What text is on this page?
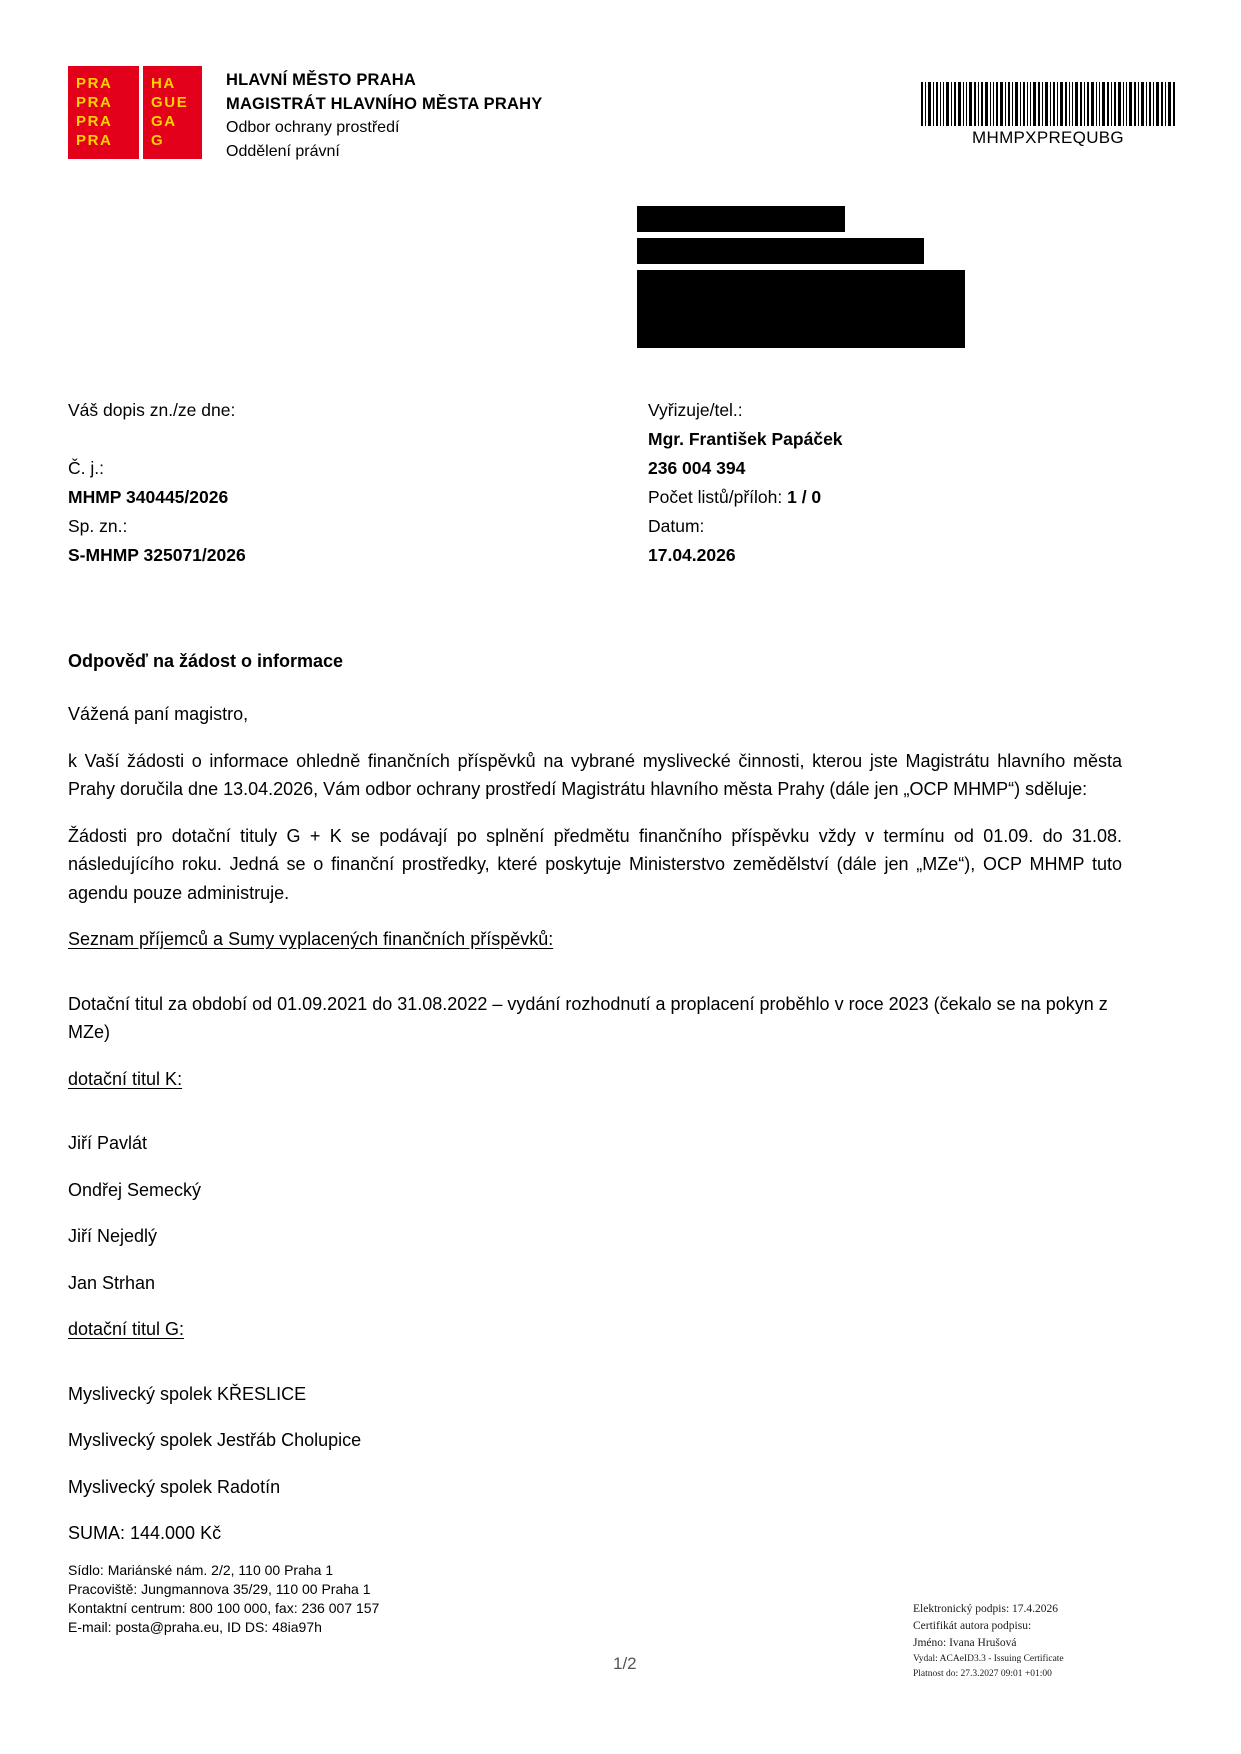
PRA
PRA
PRA
PRA
HA
GUE
GA
G
HLAVNÍ MĚSTO PRAHA
MAGISTRÁT HLAVNÍHO MĚSTA PRAHY
Odbor ochrany prostředí
Oddělení právní
MHMPXPREQUBG
Váš dopis zn./ze dne:
Č. j.:
MHMP 340445/2026
Sp. zn.:
S-MHMP 325071/2026
Vyřizuje/tel.:
Mgr. František Papáček
236 004 394
Počet listů/příloh: 1 / 0
Datum:
17.04.2026
Odpověď na žádost o informace

Vážená paní magistro,

k Vaší žádosti o informace ohledně finančních příspěvků na vybrané myslivecké činnosti, kterou jste Magistrátu hlavního města Prahy doručila dne 13.04.2026, Vám odbor ochrany prostředí Magistrátu hlavního města Prahy (dále jen „OCP MHMP“) sděluje:

Žádosti pro dotační tituly G + K se podávají po splnění předmětu finančního příspěvku vždy v termínu od 01.09. do 31.08. následujícího roku. Jedná se o finanční prostředky, které poskytuje Ministerstvo zemědělství (dále jen „MZe“), OCP MHMP tuto agendu pouze administruje.

Seznam příjemců a Sumy vyplacených finančních příspěvků:

Dotační titul za období od 01.09.2021 do 31.08.2022 – vydání rozhodnutí a proplacení proběhlo v roce 2023 (čekalo se na pokyn z MZe)

dotační titul K:

Jiří Pavlát

Ondřej Semecký

Jiří Nejedlý

Jan Strhan

dotační titul G:

Myslivecký spolek KŘESLICE

Myslivecký spolek Jestřáb Cholupice

Myslivecký spolek Radotín

SUMA: 144.000 Kč

Sídlo: Mariánské nám. 2/2, 110 00 Praha 1
Pracoviště: Jungmannova 35/29, 110 00 Praha 1
Kontaktní centrum: 800 100 000, fax: 236 007 157
E-mail: posta@praha.eu, ID DS: 48ia97h
1/2
Elektronický podpis: 17.4.2026
Certifikát autora podpisu:
Jméno: Ivana Hrušová
Vydal: ACAeID3.3 - Issuing Certificate
Platnost do: 27.3.2027 09:01 +01:00
